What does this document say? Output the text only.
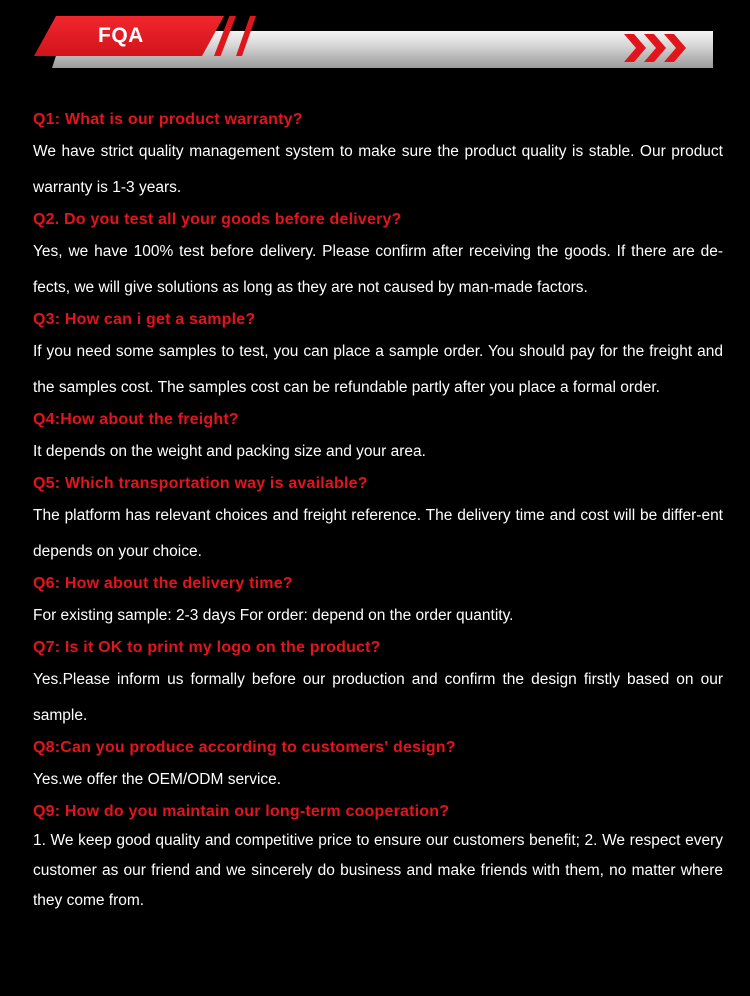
FQA
Q1: What is our product warranty?
We have strict quality management system to make sure the product quality is stable. Our product warranty is 1-3 years.
Q2. Do you test all your goods before delivery?
Yes, we have 100% test before delivery. Please confirm after receiving the goods. If there are de-fects, we will give solutions as long as they are not caused by man-made factors.
Q3: How can i get a sample?
If you need some samples to test, you can place a sample order. You should pay for the freight and the samples cost. The samples cost can be refundable partly after you place a formal order.
Q4:How about the freight?
It depends on the weight and packing size and your area.
Q5: Which transportation way is available?
The platform has relevant choices and freight reference. The delivery time and cost will be differ-ent depends on your choice.
Q6: How about the delivery time?
For existing sample: 2-3 days For order: depend on the order quantity.
Q7: Is it OK to print my logo on the product?
Yes.Please inform us formally before our production and confirm the design firstly based on our sample.
Q8:Can you produce according to customers' design?
Yes.we offer the OEM/ODM service.
Q9: How do you maintain our long-term cooperation?
1. We keep good quality and competitive price to ensure our customers benefit; 2. We respect every customer as our friend and we sincerely do business and make friends with them, no matter where they come from.
